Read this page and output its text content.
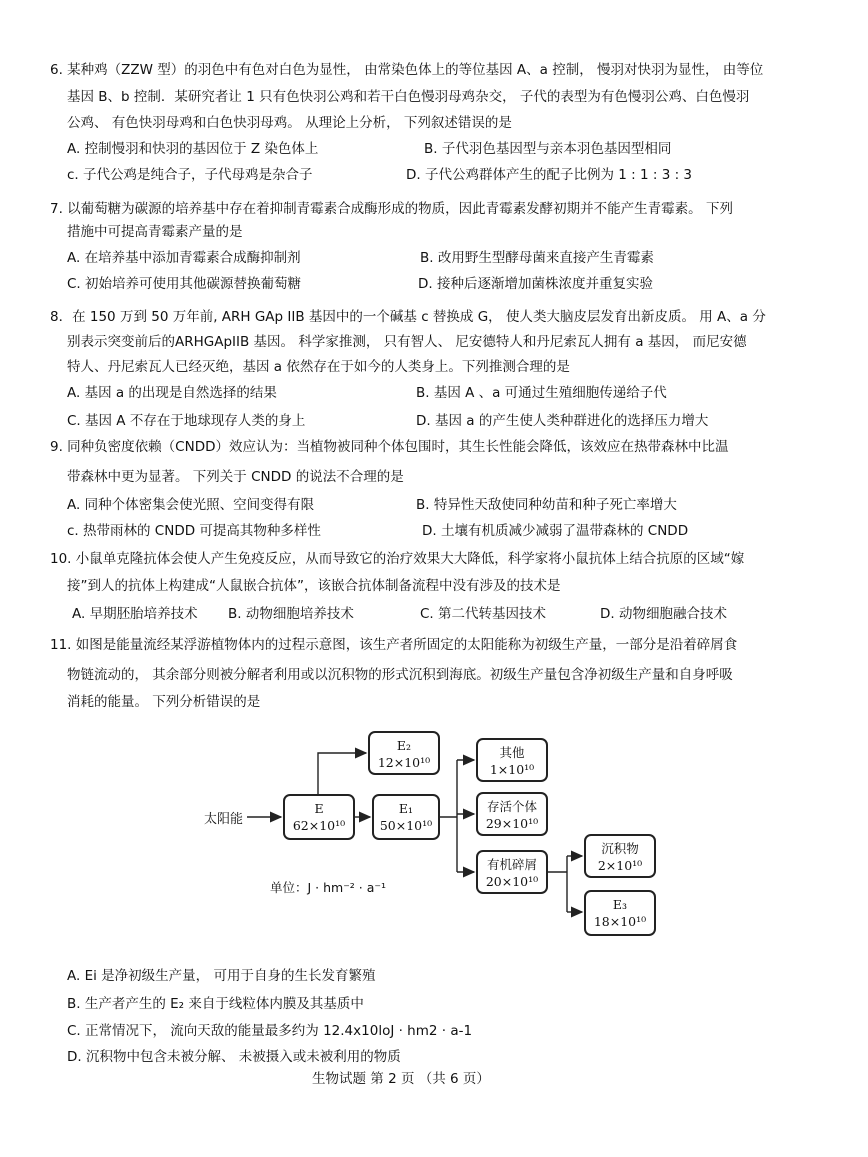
6. 某种鸡（ZZW 型）的羽色中有色对白色为显性， 由常染色体上的等位基因 A、a 控制， 慢羽对快羽为显性， 由等位
基因 B、b 控制．某研究者让 1 只有色快羽公鸡和若干白色慢羽母鸡杂交， 子代的表型为有色慢羽公鸡、白色慢羽
公鸡、 有色快羽母鸡和白色快羽母鸡。 从理论上分析， 下列叙述错误的是
A. 控制慢羽和快羽的基因位于 Z 染色体上	B. 子代羽色基因型与亲本羽色基因型相同
c. 子代公鸡是纯合子，子代母鸡是杂合子	D. 子代公鸡群体产生的配子比例为 1 : 1 : 3 : 3
7. 以葡萄糖为碳源的培养基中存在着抑制青霉素合成酶形成的物质，因此青霉素发酵初期并不能产生青霉素。 下列
措施中可提高青霉素产量的是
A. 在培养基中添加青霉素合成酶抑制剂	B. 改用野生型酵母菌来直接产生青霉素
C. 初始培养可使用其他碳源替换葡萄糖	D. 接种后逐渐增加菌株浓度并重复实验
8．在 150 万到 50 万年前, ARH GAp IIB 基因中的一个碱基 c 替换成 G， 使人类大脑皮层发育出新皮质。 用 A、a 分
别表示突变前后的ARHGApIIB 基因。 科学家推测， 只有智人、 尼安德特人和丹尼索瓦人拥有 a 基因， 而尼安德
特人、丹尼索瓦人已经灭绝，基因 a 依然存在于如今的人类身上。下列推测合理的是
A. 基因 a 的出现是自然选择的结果	B. 基因 A 、a 可通过生殖细胞传递给子代
C. 基因 A 不存在于地球现存人类的身上	D. 基因 a 的产生使人类种群进化的选择压力增大
9. 同种负密度依赖（CNDD）效应认为：当植物被同种个体包围时，其生长性能会降低，该效应在热带森林中比温
带森林中更为显著。 下列关于 CNDD 的说法不合理的是
A. 同种个体密集会使光照、空间变得有限	B. 特异性天敌使同种幼苗和种子死亡率增大
c. 热带雨林的 CNDD 可提高其物种多样性	D. 土壤有机质减少减弱了温带森林的 CNDD
10. 小鼠单克隆抗体会使人产生免疫反应，从而导致它的治疗效果大大降低，科学家将小鼠抗体上结合抗原的区域“嫁
接”到人的抗体上构建成“人鼠嵌合抗体”，该嵌合抗体制备流程中没有涉及的技术是
A. 早期胚胎培养技术 B. 动物细胞培养技术	C. 第二代转基因技术	D. 动物细胞融合技术
11. 如图是能量流经某浮游植物体内的过程示意图，该生产者所固定的太阳能称为初级生产量，一部分是沿着碎屑食
物链流动的， 其余部分则被分解者利用或以沉积物的形式沉积到海底。初级生产量包含净初级生产量和自身呼吸
消耗的能量。 下列分析错误的是
太阳能
E
62×10¹⁰
E₂
12×10¹⁰
E₁
50×10¹⁰
其他
1×10¹⁰
存活个体
29×10¹⁰
有机碎屑
20×10¹⁰
沉积物
2×10¹⁰
E₃
18×10¹⁰
单位：J · hm⁻² · a⁻¹
A. Ei 是净初级生产量， 可用于自身的生长发育繁殖
B. 生产者产生的 E₂ 来自于线粒体内膜及其基质中
C. 正常情况下， 流向天敌的能量最多约为 12.4x10loJ · hm2 · a-1
D. 沉积物中包含未被分解、 未被摄入或未被利用的物质
生物试题 第 2 页 （共 6 页）
